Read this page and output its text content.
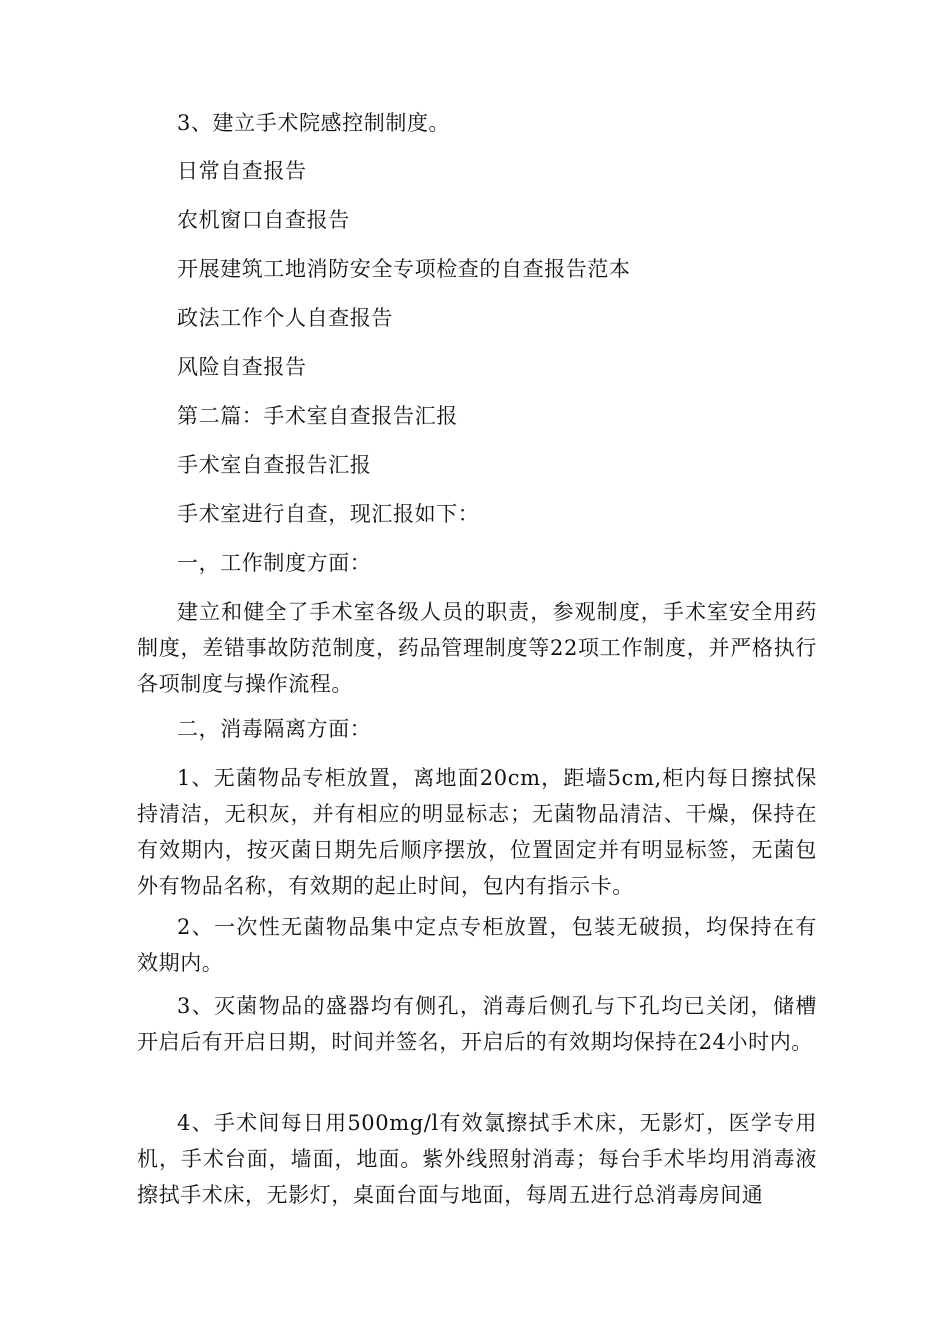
3、建立手术院感控制制度。

日常自查报告

农机窗口自查报告

开展建筑工地消防安全专项检查的自查报告范本

政法工作个人自查报告

风险自查报告

第二篇：手术室自查报告汇报

手术室自查报告汇报

手术室进行自查，现汇报如下：

一，工作制度方面：

建立和健全了手术室各级人员的职责，参观制度，手术室安全用药制度，差错事故防范制度，药品管理制度等22项工作制度，并严格执行各项制度与操作流程。

二，消毒隔离方面：

1、无菌物品专柜放置，离地面20cm，距墙5cm,柜内每日擦拭保持清洁，无积灰，并有相应的明显标志；无菌物品清洁、干燥，保持在有效期内，按灭菌日期先后顺序摆放，位置固定并有明显标签，无菌包外有物品名称，有效期的起止时间，包内有指示卡。

2、一次性无菌物品集中定点专柜放置，包装无破损，均保持在有效期内。

3、灭菌物品的盛器均有侧孔，消毒后侧孔与下孔均已关闭，储槽开启后有开启日期，时间并签名，开启后的有效期均保持在24小时内。

4、手术间每日用500mg/l有效氯擦拭手术床，无影灯，医学专用机，手术台面，墙面，地面。紫外线照射消毒；每台手术毕均用消毒液擦拭手术床，无影灯，桌面台面与地面，每周五进行总消毒房间通
